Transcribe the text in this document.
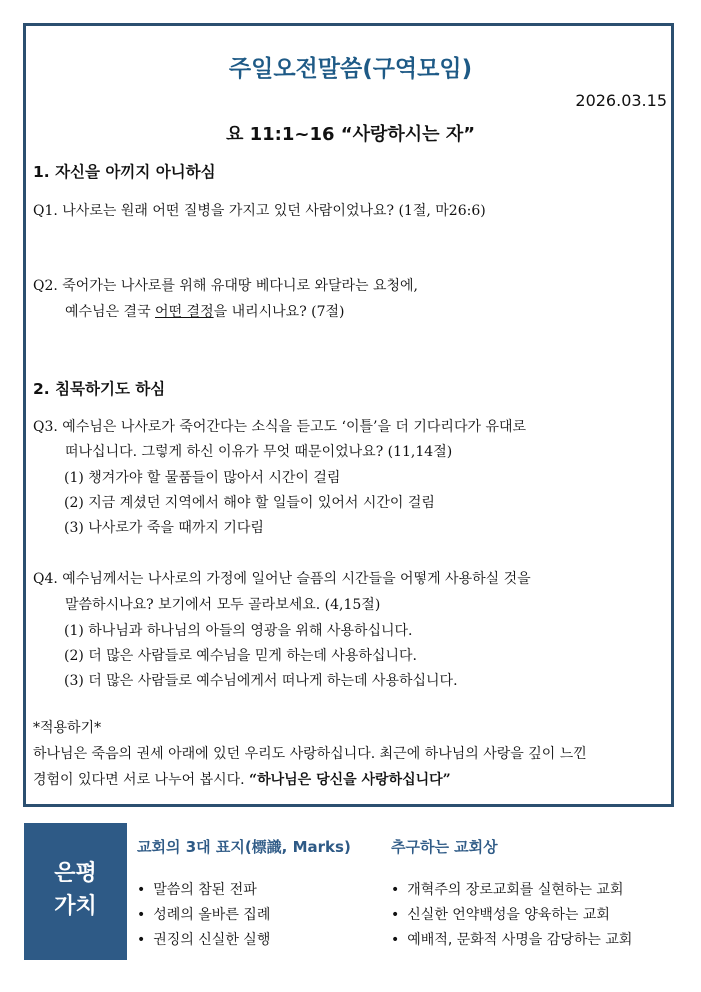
주일오전말씀(구역모임)
2026.03.15
요 11:1~16 “사랑하시는 자”
1. 자신을 아끼지 아니하심
Q1. 나사로는 원래 어떤 질병을 가지고 있던 사람이었나요? (1절, 마26:6)
Q2. 죽어가는 나사로를 위해 유대땅 베다니로 와달라는 요청에,
예수님은 결국 어떤 결정을 내리시나요? (7절)
2. 침묵하기도 하심
Q3. 예수님은 나사로가 죽어간다는 소식을 듣고도 ‘이틀’을 더 기다리다가 유대로
떠나십니다. 그렇게 하신 이유가 무엇 때문이었나요? (11,14절)
(1) 챙겨가야 할 물품들이 많아서 시간이 걸림
(2) 지금 계셨던 지역에서 해야 할 일들이 있어서 시간이 걸림
(3) 나사로가 죽을 때까지 기다림
Q4. 예수님께서는 나사로의 가정에 일어난 슬픔의 시간들을 어떻게 사용하실 것을
말씀하시나요? 보기에서 모두 골라보세요. (4,15절)
(1) 하나님과 하나님의 아들의 영광을 위해 사용하십니다.
(2) 더 많은 사람들로 예수님을 믿게 하는데 사용하십니다.
(3) 더 많은 사람들로 예수님에게서 떠나게 하는데 사용하십니다.
*적용하기*
하나님은 죽음의 권세 아래에 있던 우리도 사랑하십니다. 최근에 하나님의 사랑을 깊이 느낀
경험이 있다면 서로 나누어 봅시다. “하나님은 당신을 사랑하십니다”
은평
가치
교회의 3대 표지(標識, Marks)
• 말씀의 참된 전파
• 성례의 올바른 집례
• 권징의 신실한 실행
추구하는 교회상
• 개혁주의 장로교회를 실현하는 교회
• 신실한 언약백성을 양육하는 교회
• 예배적, 문화적 사명을 감당하는 교회
